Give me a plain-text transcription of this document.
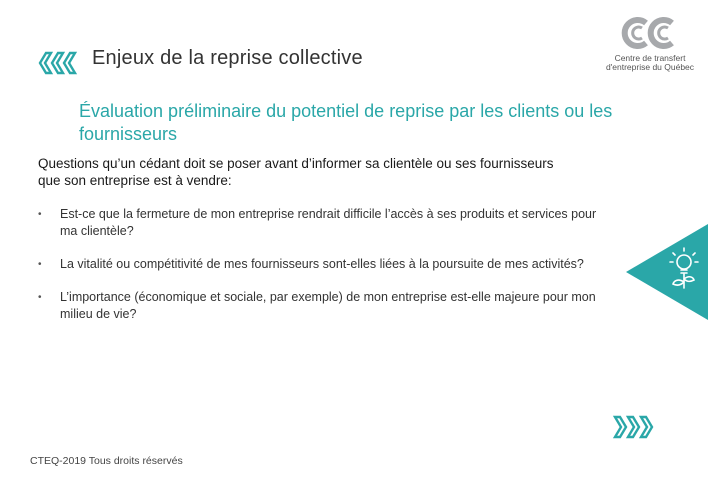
Enjeux de la reprise collective	Centre de transfert
d'entreprise du Québec
Évaluation préliminaire du potentiel de reprise par les clients ou les fournisseurs
Questions qu’un cédant doit se poser avant d’informer sa clientèle ou ses fournisseurs que son entreprise est à vendre:
• Est-ce que la fermeture de mon entreprise rendrait difficile l’accès à ses produits et services pour ma clientèle?
• La vitalité ou compétitivité de mes fournisseurs sont-elles liées à la poursuite de mes activités?
• L’importance (économique et sociale, par exemple) de mon entreprise est-elle majeure pour mon milieu de vie?
CTEQ-2019 Tous droits réservés
